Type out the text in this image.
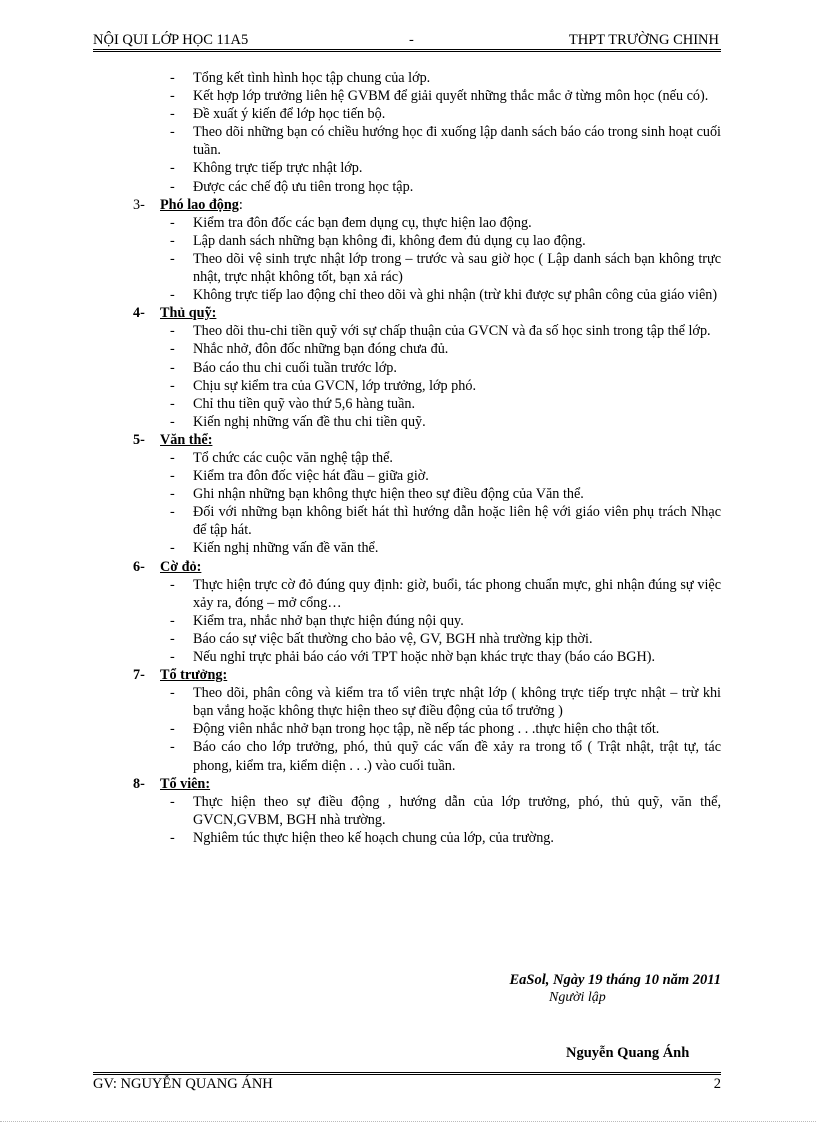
NỘI QUI LỚP HỌC 11A5	-	THPT TRƯỜNG CHINH

- Tổng kết tình hình học tập chung của lớp.

- Kết hợp lớp trưởng liên hệ GVBM để giải quyết những thắc mắc ở từng môn học (nếu có).

- Đề xuất ý kiến để lớp học tiến bộ.

- Theo dõi những bạn có chiều hướng học đi xuống lập danh sách báo cáo trong sinh hoạt cuối tuần.

- Không trực tiếp trực nhật lớp.

- Được các chế độ ưu tiên trong học tập.

3- Phó lao động:

- Kiểm tra đôn đốc các bạn đem dụng cụ, thực hiện lao động.

- Lập danh sách những bạn không đi, không đem đủ dụng cụ lao động.

- Theo dõi vệ sinh trực nhật lớp trong – trước và sau giờ học ( Lập danh sách bạn không trực nhật, trực nhật không tốt, bạn xả rác)

- Không trực tiếp lao động chỉ theo dõi và ghi nhận (trừ khi được sự phân công của giáo viên)

4- Thủ quỹ:

- Theo dõi thu-chi tiền quỹ với sự chấp thuận của GVCN và đa số học sinh trong tập thể lớp.

- Nhắc nhở, đôn đốc những bạn đóng chưa đủ.

- Báo cáo thu chi cuối tuần trước lớp.

- Chịu sự kiểm tra của GVCN, lớp trưởng, lớp phó.

- Chỉ thu tiền quỹ vào thứ 5,6 hàng tuần.

- Kiến nghị những vấn đề thu chi tiền quỹ.

5- Văn thể:

- Tổ chức các cuộc văn nghệ tập thể.

- Kiểm tra đôn đốc việc hát đầu – giữa giờ.

- Ghi nhận những bạn không thực hiện theo sự điều động của Văn thể.

- Đối với những bạn không biết hát thì hướng dẫn hoặc liên hệ với giáo viên phụ trách Nhạc để tập hát.

- Kiến nghị những vấn đề văn thể.

6- Cờ đỏ:

- Thực hiện trực cờ đỏ đúng quy định: giờ, buổi, tác phong chuẩn mực, ghi nhận đúng sự việc xảy ra, đóng – mở cổng…

- Kiểm tra, nhắc nhở bạn thực hiện đúng nội quy.

- Báo cáo sự việc bất thường cho bảo vệ, GV, BGH nhà trường kịp thời.

- Nếu nghỉ trực phải báo cáo với TPT hoặc nhờ bạn khác trực thay (báo cáo BGH).

7- Tổ trưởng:

- Theo dõi, phân công và kiểm tra tổ viên trực nhật lớp ( không trực tiếp trực nhật – trừ khi bạn vắng hoặc không thực hiện theo sự điều động của tổ trưởng )

- Động viên nhắc nhở bạn trong học tập, nề nếp tác phong . . .thực hiện cho thật tốt.

- Báo cáo cho lớp trưởng, phó, thủ quỹ các vấn đề xảy ra trong tổ ( Trật nhật, trật tự, tác phong, kiểm tra, kiểm diện . . .) vào cuối tuần.

8- Tổ viên:

- Thực hiện theo sự điều động , hướng dẫn của lớp trưởng, phó, thủ quỹ, văn thể, GVCN,GVBM, BGH nhà trường.

- Nghiêm túc thực hiện theo kế hoạch chung của lớp, của trường.

EaSol, Ngày 19 tháng 10 năm 2011
Người lập
Nguyễn Quang Ánh
GV: NGUYỄN QUANG ÁNH	2
